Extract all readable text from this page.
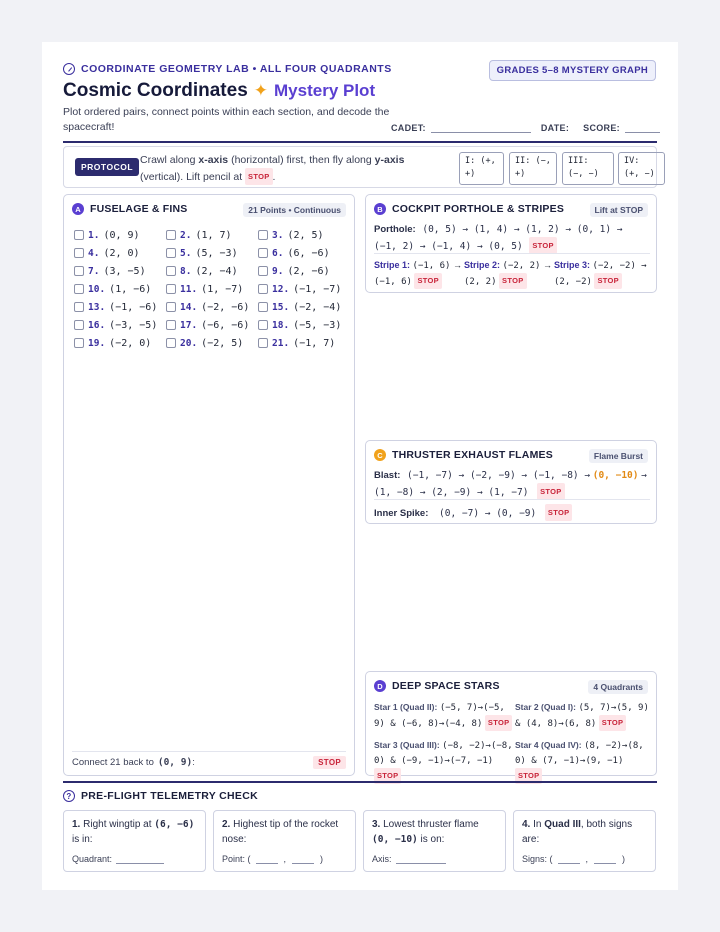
COORDINATE GEOMETRY LAB • ALL FOUR QUADRANTS	GRADES 5–8 MYSTERY GRAPH
Cosmic Coordinates ✦ Mystery Plot
Plot ordered pairs, connect points within each section, and decode the spacecraft!	CADET:	DATE: SCORE:
PROTOCOL
Crawl along x-axis (horizontal) first, then fly along y-axis (vertical). Lift pencil at STOP .
I: (+, +)
II: (−, +)
III: (−, −)
IV: (+, −)
A FUSELAGE & FINS	21 Points • Continuous
1. (0, 9)	2. (1, 7)	3. (2, 5)
4. (2, 0)	5. (5, −3)	6. (6, −6)
7. (3, −5)	8. (2, −4)	9. (2, −6)
10. (1, −6)	11. (1, −7)	12. (−1, −7)
13. (−1, −6) 14. (−2, −6) 15. (−2, −4)
16. (−3, −5) 17. (−6, −6) 18. (−5, −3)
19. (−2, 0)	20. (−2, 5)	21. (−1, 7)
Connect 21 back to (0, 9) :	STOP
B COCKPIT PORTHOLE & STRIPES	Lift at STOP
Porthole: (0, 5) → (1, 4) → (1, 2) → (0, 1) → (−1, 2) → (−1, 4) → (0, 5) STOP
Stripe 1: (−1, 6) →
(−1, 6) STOP
Stripe 2: (−2, 2) →
(2, 2) STOP
Stripe 3: (−2, −2) →
(2, −2) STOP
C THRUSTER EXHAUST FLAMES	Flame Burst
Blast: (−1, −7) → (−2, −9) → (−1, −8) → (0, −10) → (1, −8) → (2, −9) → (1, −7) STOP
Inner Spike: (0, −7) → (0, −9) STOP
D DEEP SPACE STARS	4 Quadrants
Star 1 (Quad II): (−5, 7)→(−5, 9) & (−6, 8)→(−4, 8) STOP
Star 2 (Quad I): (5, 7)→(5, 9) & (4, 8)→(6, 8) STOP
Star 3 (Quad III): (−8, −2)→(−8, 0) & (−9, −1)→(−7, −1) STOP
Star 4 (Quad IV): (8, −2)→(8, 0) & (7, −1)→(9, −1) STOP
? PRE-FLIGHT TELEMETRY CHECK
1. Right wingtip at (6, −6) is in:
Quadrant:
2. Highest tip of the rocket nose:
Point: (	,	)
3. Lowest thruster flame
(0, −10) is on:
Axis:
4. In Quad III, both signs are:
Signs: (	,	)
